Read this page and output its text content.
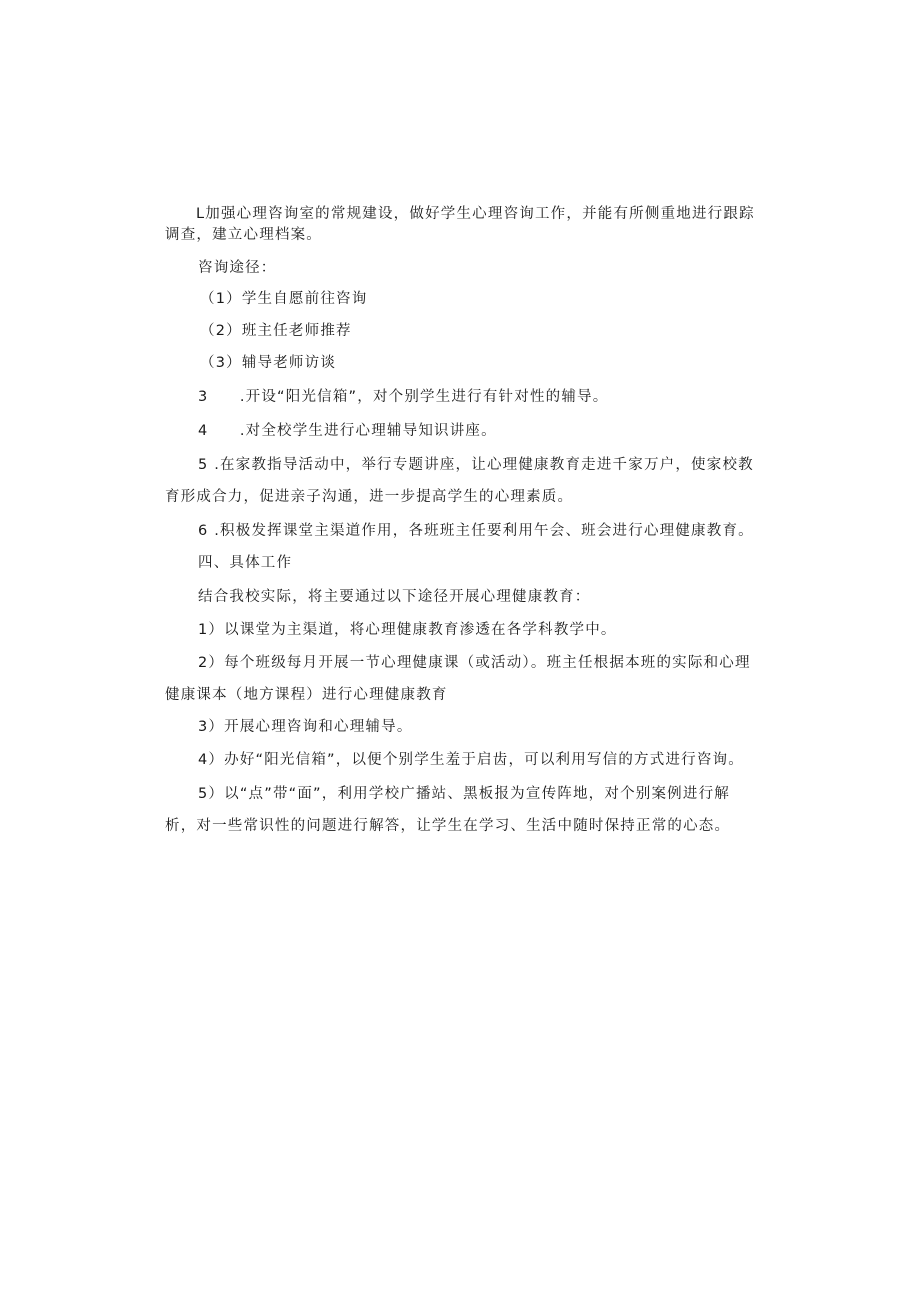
L加强心理咨询室的常规建设，做好学生心理咨询工作，并能有所侧重地进行跟踪
调查，建立心理档案。
咨询途径：
（1）学生自愿前往咨询
（2）班主任老师推荐
（3）辅导老师访谈
3　　.开设“阳光信箱”，对个别学生进行有针对性的辅导。
4　　.对全校学生进行心理辅导知识讲座。
5 .在家教指导活动中，举行专题讲座，让心理健康教育走进千家万户，使家校教
育形成合力，促进亲子沟通，进一步提高学生的心理素质。
6 .积极发挥课堂主渠道作用，各班班主任要利用午会、班会进行心理健康教育。
四、具体工作
结合我校实际，将主要通过以下途径开展心理健康教育：
1）以课堂为主渠道，将心理健康教育渗透在各学科教学中。
2）每个班级每月开展一节心理健康课（或活动）。班主任根据本班的实际和心理
健康课本（地方课程）进行心理健康教育
3）开展心理咨询和心理辅导。
4）办好“阳光信箱”，以便个别学生羞于启齿，可以利用写信的方式进行咨询。
5）以“点”带“面”，利用学校广播站、黑板报为宣传阵地，对个别案例进行解
析，对一些常识性的问题进行解答，让学生在学习、生活中随时保持正常的心态。
